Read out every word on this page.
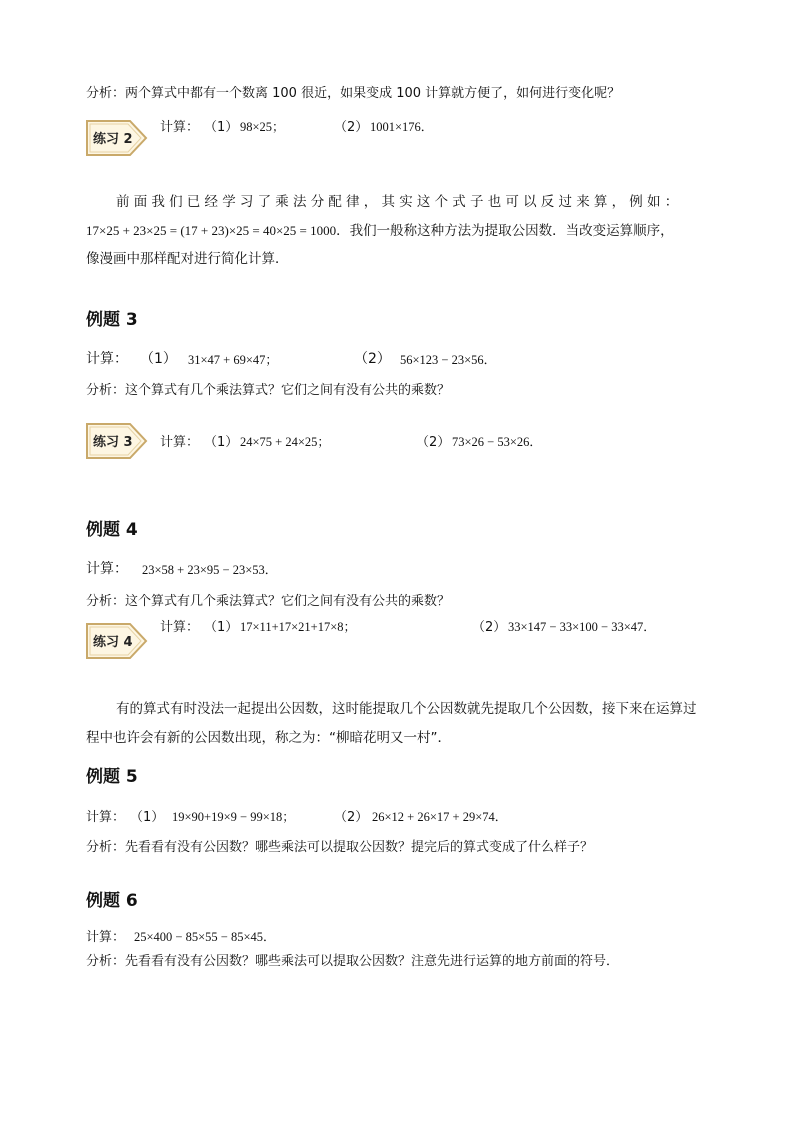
分析：两个算式中都有一个数离 100 很近，如果变成 100 计算就方便了，如何进行变化呢？
练习 2
计算： （1） 98×25；	（2） 1001×176．
前面我们已经学习了乘法分配律，其实这个式子也可以反过来算，例如：
17×25 + 23×25 = (17 + 23)×25 = 40×25 = 1000．我们一般称这种方法为提取公因数．当改变运算顺序，
像漫画中那样配对进行简化计算．
例题 3
计算： （1） 31×47 + 69×47；	（2） 56×123 − 23×56．
分析：这个算式有几个乘法算式？它们之间有没有公共的乘数？
练习 3 计算： （1） 24×75 + 24×25；	（2） 73×26 − 53×26．
例题 4
计算： 23×58 + 23×95 − 23×53．
分析：这个算式有几个乘法算式？它们之间有没有公共的乘数？
练习 4
计算： （1） 17×11+17×21+17×8；	（2） 33×147 − 33×100 − 33×47．
有的算式有时没法一起提出公因数，这时能提取几个公因数就先提取几个公因数，接下来在运算过
程中也许会有新的公因数出现，称之为：“柳暗花明又一村”．
例题 5
计算： （1） 19×90+19×9 − 99×18；	（2） 26×12 + 26×17 + 29×74．
分析：先看看有没有公因数？哪些乘法可以提取公因数？提完后的算式变成了什么样子？
例题 6
计算： 25×400 − 85×55 − 85×45．
分析：先看看有没有公因数？哪些乘法可以提取公因数？注意先进行运算的地方前面的符号．
